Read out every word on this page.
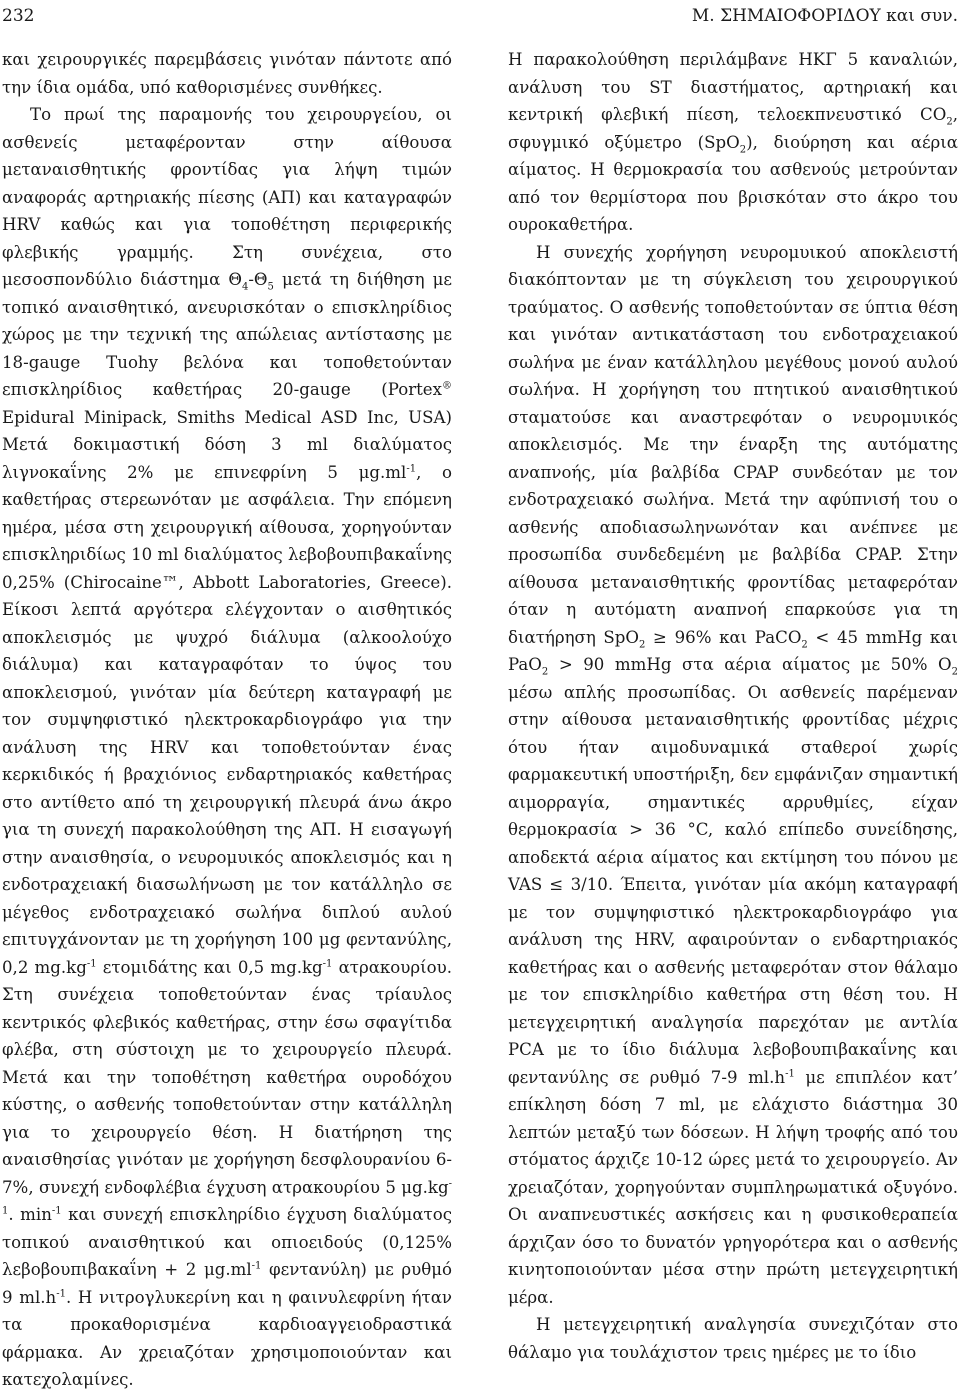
232	Μ. ΣΗΜΑΙΟΦΟΡΙΔΟΥ και συν.

και χειρουργικές παρεμβάσεις γινόταν πάντοτε από την ίδια ομάδα, υπό καθορισμένες συνθήκες.

Το πρωί της παραμονής του χειρουργείου, οι ασθενείς μεταφέρονταν στην αίθουσα μεταναισθητικής φροντίδας για λήψη τιμών αναφοράς αρτηριακής πίεσης (ΑΠ) και καταγραφών HRV καθώς και για τοποθέτηση περιφερικής φλεβικής γραμμής. Στη συνέχεια, στο μεσοσπονδύλιο διάστημα $\Theta_4-\Theta_5$ μετά τη διήθηση με τοπικό αναισθητικό, ανευρισκόταν ο επισκληρίδιος χώρος με την τεχνική της απώλειας αντίστασης με 18-gauge Tuohy βελόνα και τοποθετούνταν επισκληρίδιος καθετήρας 20-gauge (Portex® Epidural Minipack, Smiths Medical ASD Inc, USA) Μετά δοκιμαστική δόση 3 ml διαλύματος λιγνοκαΐνης 2% με επινεφρίνη 5 $\mu g.ml^{-1}$, ο καθετήρας στερεωνόταν με ασφάλεια. Την επόμενη ημέρα, μέσα στη χειρουργική αίθουσα, χορηγούνταν επισκληριδίως 10 ml διαλύματος λεβοβουπιβακαΐνης 0,25% (Chirocaine™, Abbott Laboratories, Greece). Είκοσι λεπτά αργότερα ελέγχονταν ο αισθητικός αποκλεισμός με ψυχρό διάλυμα (αλκοολούχο διάλυμα) και καταγραφόταν το ύψος του αποκλεισμού, γινόταν μία δεύτερη καταγραφή με τον συμψηφιστικό ηλεκτροκαρδιογράφο για την ανάλυση της HRV και τοποθετούνταν ένας κερκιδικός ή βραχιόνιος ενδαρτηριακός καθετήρας στο αντίθετο από τη χειρουργική πλευρά άνω άκρο για τη συνεχή παρακολούθηση της ΑΠ. Η εισαγωγή στην αναισθησία, ο νευρομυικός αποκλεισμός και η ενδοτραχειακή διασωλήνωση με τον κατάλληλο σε μέγεθος ενδοτραχειακό σωλήνα διπλού αυλού επιτυγχάνονταν με τη χορήγηση 100 μg φεντανύλης, 0,2 $mg.kg^{-1}$ ετομιδάτης και 0,5 $mg.kg^{-1}$ ατρακουρίου. Στη συνέχεια τοποθετούνταν ένας τρίαυλος κεντρικός φλεβικός καθετήρας, στην έσω σφαγίτιδα φλέβα, στη σύστοιχη με το χειρουργείο πλευρά. Μετά και την τοποθέτηση καθετήρα ουροδόχου κύστης, ο ασθενής τοποθετούνταν στην κατάλληλη για το χειρουργείο θέση. Η διατήρηση της αναισθησίας γινόταν με χορήγηση δεσφλουρανίου 6-7%, συνεχή ενδοφλέβια έγχυση ατρακουρίου 5 $\mu g.kg^{-1}$. $\min^{-1} \kappa\alpha\iota$ συνεχή επισκληρίδιο έγχυση διαλύματος τοπικού αναισθητικού και οπιοειδούς (0,125% λεβοβουπιβακαΐνη + 2 $\mu g.ml^{-1}$ φεντανύλη) με ρυθμό 9 $ml.h^{-1}$. Η νιτρογλυκερίνη και η φαινυλεφρίνη ήταν τα προκαθορισμένα καρδιοαγγειοδραστικά φάρμακα. Αν χρειαζόταν χρησιμοποιούνταν και κατεχολαμίνες.

Η παρακολούθηση περιλάμβανε ΗΚΓ 5 καναλιών, ανάλυση του ST διαστήματος, αρτηριακή και κεντρική φλεβική πίεση, τελοεκπνευστικό $CO_2$, σφυγμικό οξύμετρο (SpO$_2$), διούρηση και αέρια αίματος. Η θερμοκρασία του ασθενούς μετρούνταν από τον θερμίστορα που βρισκόταν στο άκρο του ουροκαθετήρα.

Η συνεχής χορήγηση νευρομυικού αποκλειστή διακόπτονταν με τη σύγκλειση του χειρουργικού τραύματος. Ο ασθενής τοποθετούνταν σε ύπτια θέση και γινόταν αντικατάσταση του ενδοτραχειακού σωλήνα με έναν κατάλληλου μεγέθους μονού αυλού σωλήνα. Η χορήγηση του πτητικού αναισθητικού σταματούσε και αναστρεφόταν ο νευρομυικός αποκλεισμός. Με την έναρξη της αυτόματης αναπνοής, μία βαλβίδα CPAP συνδεόταν με τον ενδοτραχειακό σωλήνα. Μετά την αφύπνισή του ο ασθενής αποδιασωληνωνόταν και ανέπνεε με προσωπίδα συνδεδεμένη με βαλβίδα CPAP. Στην αίθουσα μεταναισθητικής φροντίδας μεταφερόταν όταν η αυτόματη αναπνοή επαρκούσε για τη διατήρηση SpO$_2$ ≥ 96% και PaCO$_2$ < 45 mmHg και PaO$_2$ > 90 mmHg στα αέρια αίματος με 50% $O_2$ μέσω απλής προσωπίδας. Οι ασθενείς παρέμεναν στην αίθουσα μεταναισθητικής φροντίδας μέχρις ότου ήταν αιμοδυναμικά σταθεροί χωρίς φαρμακευτική υποστήριξη, δεν εμφάνιζαν σημαντική αιμορραγία, σημαντικές αρρυθμίες, είχαν θερμοκρασία > 36 °C, καλό επίπεδο συνείδησης, αποδεκτά αέρια αίματος και εκτίμηση του πόνου με VAS ≤ 3/10. Έπειτα, γινόταν μία ακόμη καταγραφή με τον συμψηφιστικό ηλεκτροκαρδιογράφο για ανάλυση της HRV, αφαιρούνταν ο ενδαρτηριακός καθετήρας και ο ασθενής μεταφερόταν στον θάλαμο με τον επισκληρίδιο καθετήρα στη θέση του. Η μετεγχειρητική αναλγησία παρεχόταν με αντλία PCA με το ίδιο διάλυμα λεβοβουπιβακαΐνης και φεντανύλης σε ρυθμό 7-9 $ml.h^{-1}$ με επιπλέον κατ’ επίκληση δόση 7 ml, με ελάχιστο διάστημα 30 λεπτών μεταξύ των δόσεων. Η λήψη τροφής από του στόματος άρχιζε 10-12 ώρες μετά το χειρουργείο. Αν χρειαζόταν, χορηγούνταν συμπληρωματικά οξυγόνο. Οι αναπνευστικές ασκήσεις και η φυσικοθεραπεία άρχιζαν όσο το δυνατόν γρηγορότερα και ο ασθενής κινητοποιούνταν μέσα στην πρώτη μετεγχειρητική μέρα.

Η μετεγχειρητική αναλγησία συνεχιζόταν στο θάλαμο για τουλάχιστον τρεις ημέρες με το ίδιο
